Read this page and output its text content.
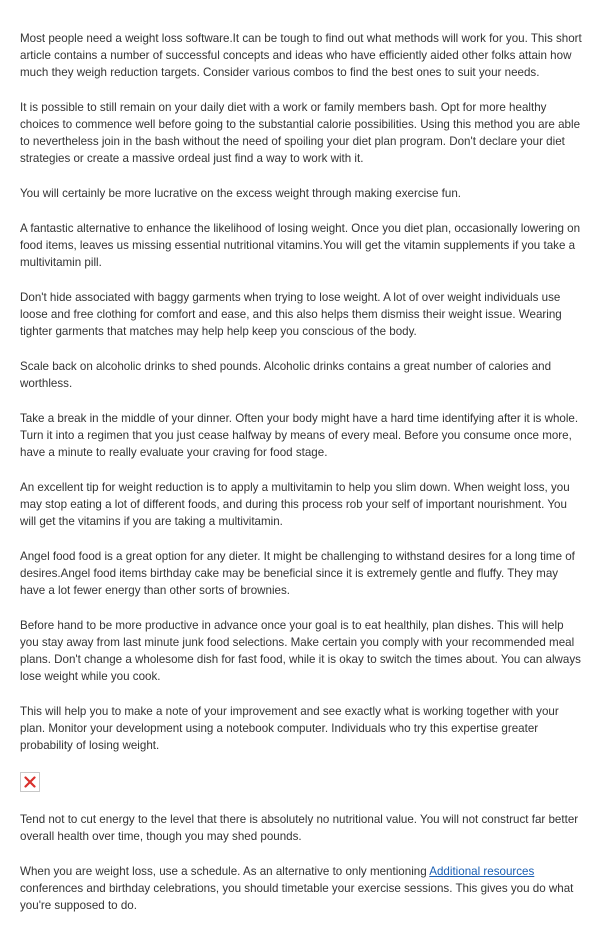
Most people need a weight loss software.It can be tough to find out what methods will work for you. This short article contains a number of successful concepts and ideas who have efficiently aided other folks attain how much they weigh reduction targets. Consider various combos to find the best ones to suit your needs.

It is possible to still remain on your daily diet with a work or family members bash. Opt for more healthy choices to commence well before going to the substantial calorie possibilities. Using this method you are able to nevertheless join in the bash without the need of spoiling your diet plan program. Don't declare your diet strategies or create a massive ordeal just find a way to work with it.

You will certainly be more lucrative on the excess weight through making exercise fun.

A fantastic alternative to enhance the likelihood of losing weight. Once you diet plan, occasionally lowering on food items, leaves us missing essential nutritional vitamins.You will get the vitamin supplements if you take a multivitamin pill.

Don't hide associated with baggy garments when trying to lose weight. A lot of over weight individuals use loose and free clothing for comfort and ease, and this also helps them dismiss their weight issue. Wearing tighter garments that matches may help help keep you conscious of the body.

Scale back on alcoholic drinks to shed pounds. Alcoholic drinks contains a great number of calories and worthless.

Take a break in the middle of your dinner. Often your body might have a hard time identifying after it is whole. Turn it into a regimen that you just cease halfway by means of every meal. Before you consume once more, have a minute to really evaluate your craving for food stage.

An excellent tip for weight reduction is to apply a multivitamin to help you slim down. When weight loss, you may stop eating a lot of different foods, and during this process rob your self of important nourishment. You will get the vitamins if you are taking a multivitamin.

Angel food food is a great option for any dieter. It might be challenging to withstand desires for a long time of desires.Angel food items birthday cake may be beneficial since it is extremely gentle and fluffy. They may have a lot fewer energy than other sorts of brownies.

Before hand to be more productive in advance once your goal is to eat healthily, plan dishes. This will help you stay away from last minute junk food selections. Make certain you comply with your recommended meal plans. Don't change a wholesome dish for fast food, while it is okay to switch the times about. You can always lose weight while you cook.

This will help you to make a note of your improvement and see exactly what is working together with your plan. Monitor your development using a notebook computer. Individuals who try this expertise greater probability of losing weight.

Tend not to cut energy to the level that there is absolutely no nutritional value. You will not construct far better overall health over time, though you may shed pounds.

When you are weight loss, use a schedule. As an alternative to only mentioning Additional resources conferences and birthday celebrations, you should timetable your exercise sessions. This gives you do what you're supposed to do.
